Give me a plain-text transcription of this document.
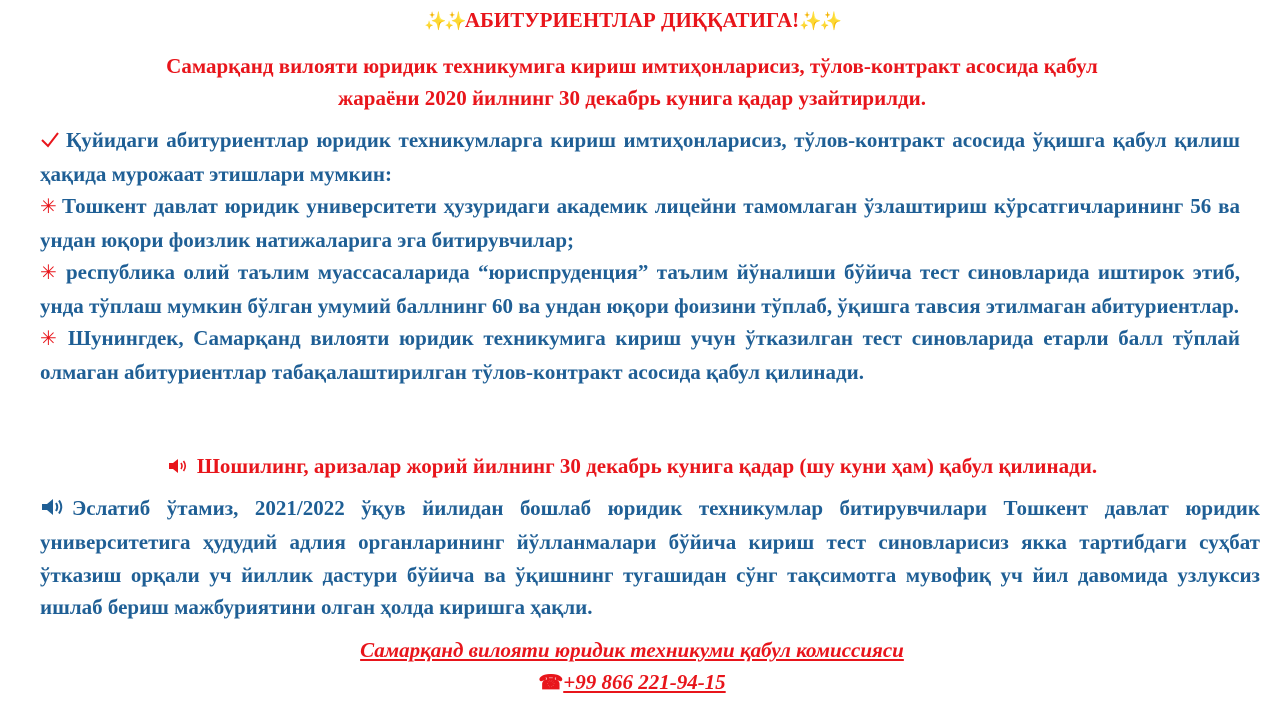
✨✨АБИТУРИЕНТЛАР ДИҚҚАТИГА!✨✨
Самарқанд вилояти юридик техникумига кириш имтиҳонларисиз, тўлов-контракт асосида қабул
жараёни 2020 йилнинг 30 декабрь кунига қадар узайтирилди.

Қуйидаги абитуриентлар юридик техникумларга кириш имтиҳонларисиз, тўлов-контракт асосида ўқишга қабул қилиш ҳақида мурожаат этишлари мумкин:

✳ Тошкент давлат юридик университети ҳузуридаги академик лицейни тамомлаган ўзлаштириш кўрсатгичларининг 56 ва ундан юқори фоизлик натижаларига эга битирувчилар;

✳ республика олий таълим муассасаларида “юриспруденция” таълим йўналиши бўйича тест синовларида иштирок этиб, унда тўплаш мумкин бўлган умумий баллнинг 60 ва ундан юқори фоизини тўплаб, ўқишга тавсия этилмаган абитуриентлар.

✳ Шунингдек, Самарқанд вилояти юридик техникумига кириш учун ўтказилган тест синовларида етарли балл тўплай олмаган абитуриентлар табақалаштирилган тўлов-контракт асосида қабул қилинади.

Шошилинг, аризалар жорий йилнинг 30 декабрь кунига қадар (шу куни ҳам) қабул қилинади.

Эслатиб ўтамиз, 2021/2022 ўқув йилидан бошлаб юридик техникумлар битирувчилари Тошкент давлат юридик университетига ҳудудий адлия органларининг йўлланмалари бўйича кириш тест синовларисиз якка тартибдаги суҳбат ўтказиш орқали уч йиллик дастури бўйича ва ўқишнинг тугашидан сўнг тақсимотга мувофиқ уч йил давомида узлуксиз ишлаб бериш мажбуриятини олган ҳолда киришга ҳақли.

Самарқанд вилояти юридик техникуми қабул комиссияси
☎+99 866 221-94-15
